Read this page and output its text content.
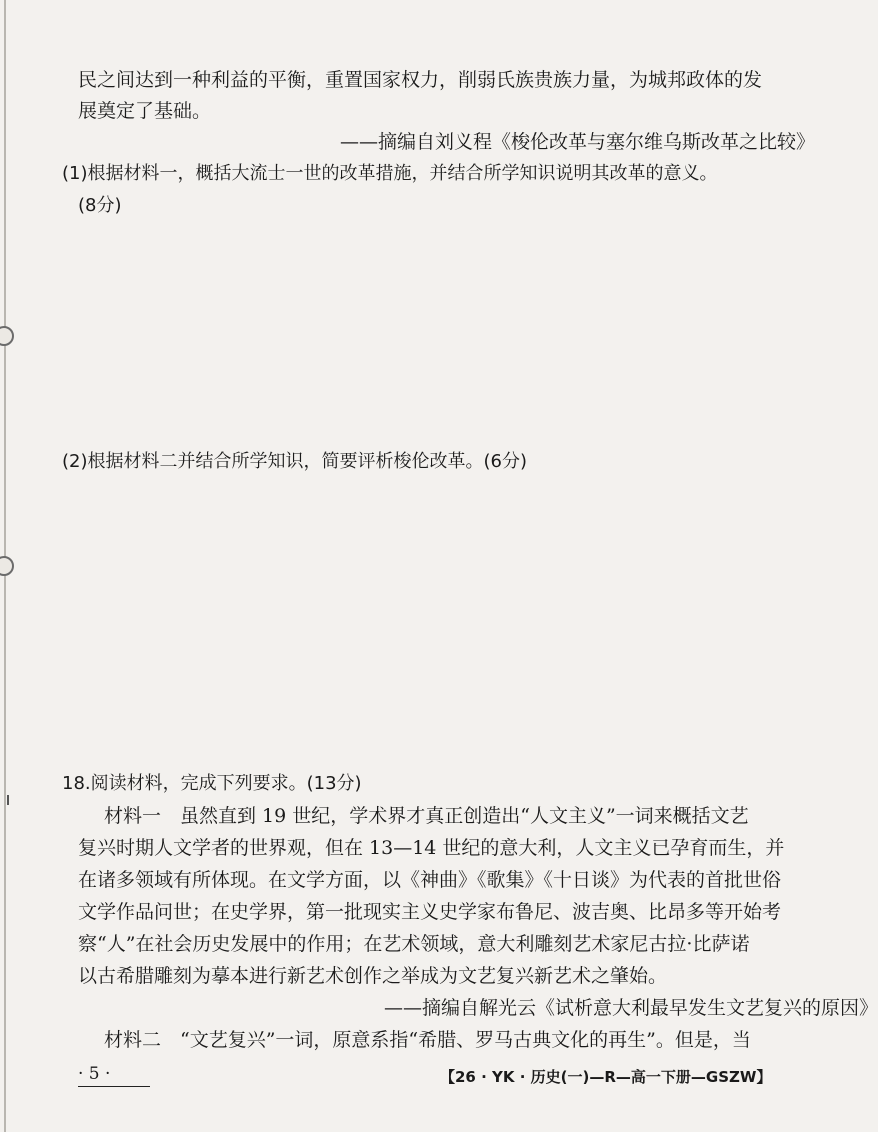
民之间达到一种利益的平衡，重置国家权力，削弱氏族贵族力量，为城邦政体的发
展奠定了基础。
——摘编自刘义程《梭伦改革与塞尔维乌斯改革之比较》
(1)根据材料一，概括大流士一世的改革措施，并结合所学知识说明其改革的意义。
(8分)
(2)根据材料二并结合所学知识，简要评析梭伦改革。(6分)
18.阅读材料，完成下列要求。(13分)
材料一　虽然直到 19 世纪，学术界才真正创造出“人文主义”一词来概括文艺
复兴时期人文学者的世界观，但在 13—14 世纪的意大利，人文主义已孕育而生，并
在诸多领域有所体现。在文学方面，以《神曲》《歌集》《十日谈》为代表的首批世俗
文学作品问世；在史学界，第一批现实主义史学家布鲁尼、波吉奥、比昂多等开始考
察“人”在社会历史发展中的作用；在艺术领域，意大利雕刻艺术家尼古拉·比萨诺
以古希腊雕刻为摹本进行新艺术创作之举成为文艺复兴新艺术之肇始。
——摘编自解光云《试析意大利最早发生文艺复兴的原因》
材料二　“文艺复兴”一词，原意系指“希腊、罗马古典文化的再生”。但是，当
· 5 ·	【26 · YK · 历史(一)—R—高一下册—GSZW】
